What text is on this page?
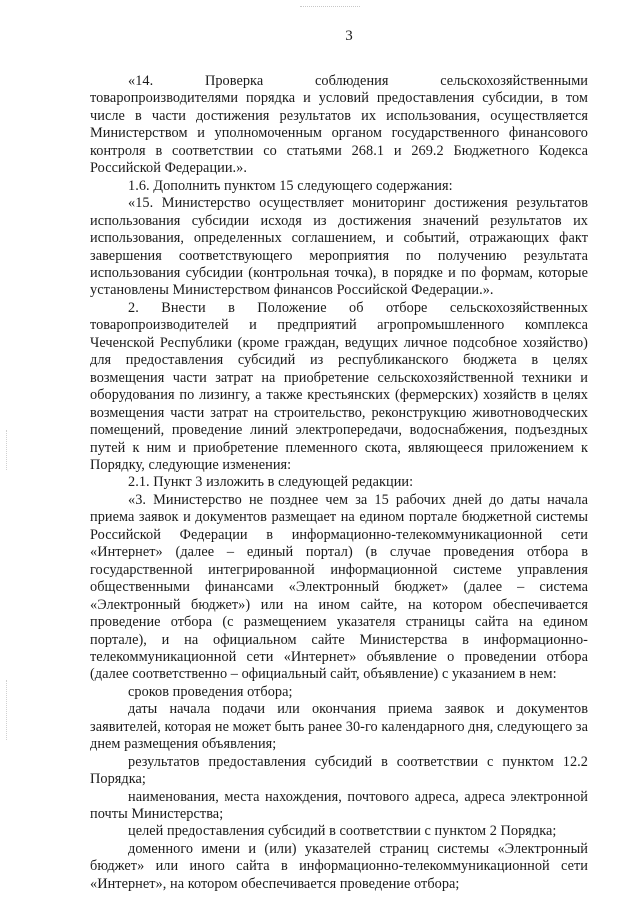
3

«14. Проверка соблюдения сельскохозяйственными товаропроизводителями порядка и условий предоставления субсидии, в том числе в части достижения результатов их использования, осуществляется Министерством и уполномоченным органом государственного финансового контроля в соответствии со статьями 268.1 и 269.2 Бюджетного Кодекса Российской Федерации.».

1.6. Дополнить пунктом 15 следующего содержания:

«15. Министерство осуществляет мониторинг достижения результатов использования субсидии исходя из достижения значений результатов их использования, определенных соглашением, и событий, отражающих факт завершения соответствующего мероприятия по получению результата использования субсидии (контрольная точка), в порядке и по формам, которые установлены Министерством финансов Российской Федерации.».

2. Внести в Положение об отборе сельскохозяйственных товаропроизводителей и предприятий агропромышленного комплекса Чеченской Республики (кроме граждан, ведущих личное подсобное хозяйство) для предоставления субсидий из республиканского бюджета в целях возмещения части затрат на приобретение сельскохозяйственной техники и оборудования по лизингу, а также крестьянских (фермерских) хозяйств в целях возмещения части затрат на строительство, реконструкцию животноводческих помещений, проведение линий электропередачи, водоснабжения, подъездных путей к ним и приобретение племенного скота, являющееся приложением к Порядку, следующие изменения:

2.1. Пункт 3 изложить в следующей редакции:

«3. Министерство не позднее чем за 15 рабочих дней до даты начала приема заявок и документов размещает на едином портале бюджетной системы Российской Федерации в информационно-телекоммуникационной сети «Интернет» (далее – единый портал) (в случае проведения отбора в государственной интегрированной информационной системе управления общественными финансами «Электронный бюджет» (далее – система «Электронный бюджет») или на ином сайте, на котором обеспечивается проведение отбора (с размещением указателя страницы сайта на едином портале), и на официальном сайте Министерства в информационно-телекоммуникационной сети «Интернет» объявление о проведении отбора (далее соответственно – официальный сайт, объявление) с указанием в нем:

сроков проведения отбора;

даты начала подачи или окончания приема заявок и документов заявителей, которая не может быть ранее 30-го календарного дня, следующего за днем размещения объявления;

результатов предоставления субсидий в соответствии с пунктом 12.2 Порядка;

наименования, места нахождения, почтового адреса, адреса электронной почты Министерства;

целей предоставления субсидий в соответствии с пунктом 2 Порядка;

доменного имени и (или) указателей страниц системы «Электронный бюджет» или иного сайта в информационно-телекоммуникационной сети «Интернет», на котором обеспечивается проведение отбора;
